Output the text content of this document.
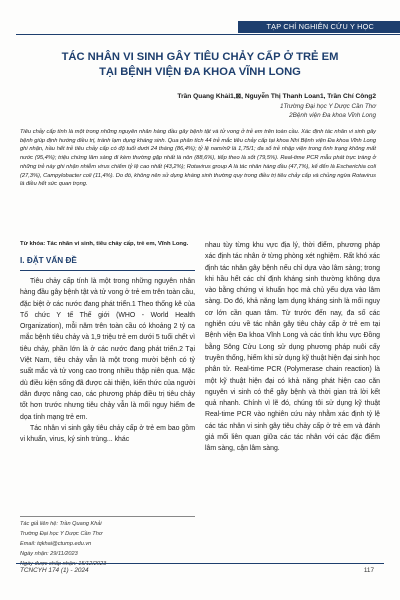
TẠP CHÍ NGHIÊN CỨU Y HỌC
TÁC NHÂN VI SINH GÂY TIÊU CHẢY CẤP Ở TRẺ EM
TẠI BỆNH VIỆN ĐA KHOA VĨNH LONG
Trần Quang Khải1,⊠, Nguyễn Thị Thanh Loan1, Trần Chí Công2
1Trường Đại học Y Dược Cần Thơ
2Bệnh viện Đa khoa Vĩnh Long
Tiêu chảy cấp tính là một trong những nguyên nhân hàng đầu gây bệnh tật và tử vong ở trẻ em trên toàn cầu. Xác định tác nhân vi sinh gây bệnh giúp định hướng điều trị, tránh lạm dụng kháng sinh. Qua phân tích 44 trẻ mắc tiêu chảy cấp tại khoa Nhi Bệnh viện Đa khoa Vĩnh Long ghi nhận, hầu hết trẻ tiêu chảy cấp có độ tuổi dưới 24 tháng (86,4%); tỷ lệ nam/nữ là 1,75/1; đa số trẻ nhập viện trong tình trạng không mất nước (95,4%); triệu chứng lâm sàng đi kèm thường gặp nhất là nôn (88,6%), tiếp theo là sốt (79,5%). Real-time PCR mẫu phát trực tràng ở những trẻ này ghi nhận nhiễm virus chiếm tỷ lệ cao nhất (43,2%); Rotavirus group A là tác nhân hàng đầu (47,7%), kế đến là Escherichia coli (27,3%), Campylobacter coli (11,4%). Do đó, không nên sử dụng kháng sinh thường quy trong điều trị tiêu chảy cấp và chủng ngừa Rotavirus là điều hết sức quan trọng.
Từ khóa: Tác nhân vi sinh, tiêu chảy cấp, trẻ em, Vĩnh Long.
I. ĐẶT VẤN ĐỀ

Tiêu chảy cấp tính là một trong những nguyên nhân hàng đầu gây bệnh tật và tử vong ở trẻ em trên toàn cầu, đặc biệt ở các nước đang phát triển.1 Theo thống kê của Tổ chức Y tế Thế giới (WHO - World Health Organization), mỗi năm trên toàn cầu có khoảng 2 tỷ ca mắc bệnh tiêu chảy và 1,9 triệu trẻ em dưới 5 tuổi chết vì tiêu chảy, phần lớn là ở các nước đang phát triển.2 Tại Việt Nam, tiêu chảy vẫn là một trong mười bệnh có tỷ suất mắc và tử vong cao trong nhiều thập niên qua. Mặc dù điều kiện sống đã được cải thiện, kiến thức của người dân được nâng cao, các phương pháp điều trị tiêu chảy tốt hơn trước nhưng tiêu chảy vẫn là mối nguy hiểm đe dọa tính mạng trẻ em.

Tác nhân vi sinh gây tiêu chảy cấp ở trẻ em bao gồm vi khuẩn, virus, ký sinh trùng... khác

nhau tùy từng khu vực địa lý, thời điểm, phương pháp xác định tác nhân ở từng phòng xét nghiệm. Rất khó xác định tác nhân gây bệnh nếu chỉ dựa vào lâm sàng; trong khi hầu hết các chỉ định kháng sinh thường không dựa vào bằng chứng vi khuẩn học mà chủ yếu dựa vào lâm sàng. Do đó, khả năng lạm dụng kháng sinh là mối nguy cơ lớn cần quan tâm. Từ trước đến nay, đa số các nghiên cứu về tác nhân gây tiêu chảy cấp ở trẻ em tại Bệnh viện Đa khoa Vĩnh Long và các tỉnh khu vực Đồng bằng Sông Cửu Long sử dụng phương pháp nuôi cấy truyền thống, hiếm khi sử dụng kỹ thuật hiện đại sinh học phân tử. Real-time PCR (Polymerase chain reaction) là một kỹ thuật hiện đại có khả năng phát hiện cao căn nguyên vi sinh có thể gây bệnh và thời gian trả lời kết quả nhanh. Chính vì lẽ đó, chúng tôi sử dụng kỹ thuật Real-time PCR vào nghiên cứu này nhằm xác định tỷ lệ các tác nhân vi sinh gây tiêu chảy cấp ở trẻ em và đánh giá mối liên quan giữa các tác nhân với các đặc điểm lâm sàng, cận lâm sàng.

Tác giả liên hệ: Trần Quang Khải
Trường Đại học Y Dược Cần Thơ
Email: tqkhai@ctump.edu.vn
Ngày nhận: 29/11/2023
Ngày được chấp nhận: 15/12/2023
TCNCYH 174 (1) - 2024	117
